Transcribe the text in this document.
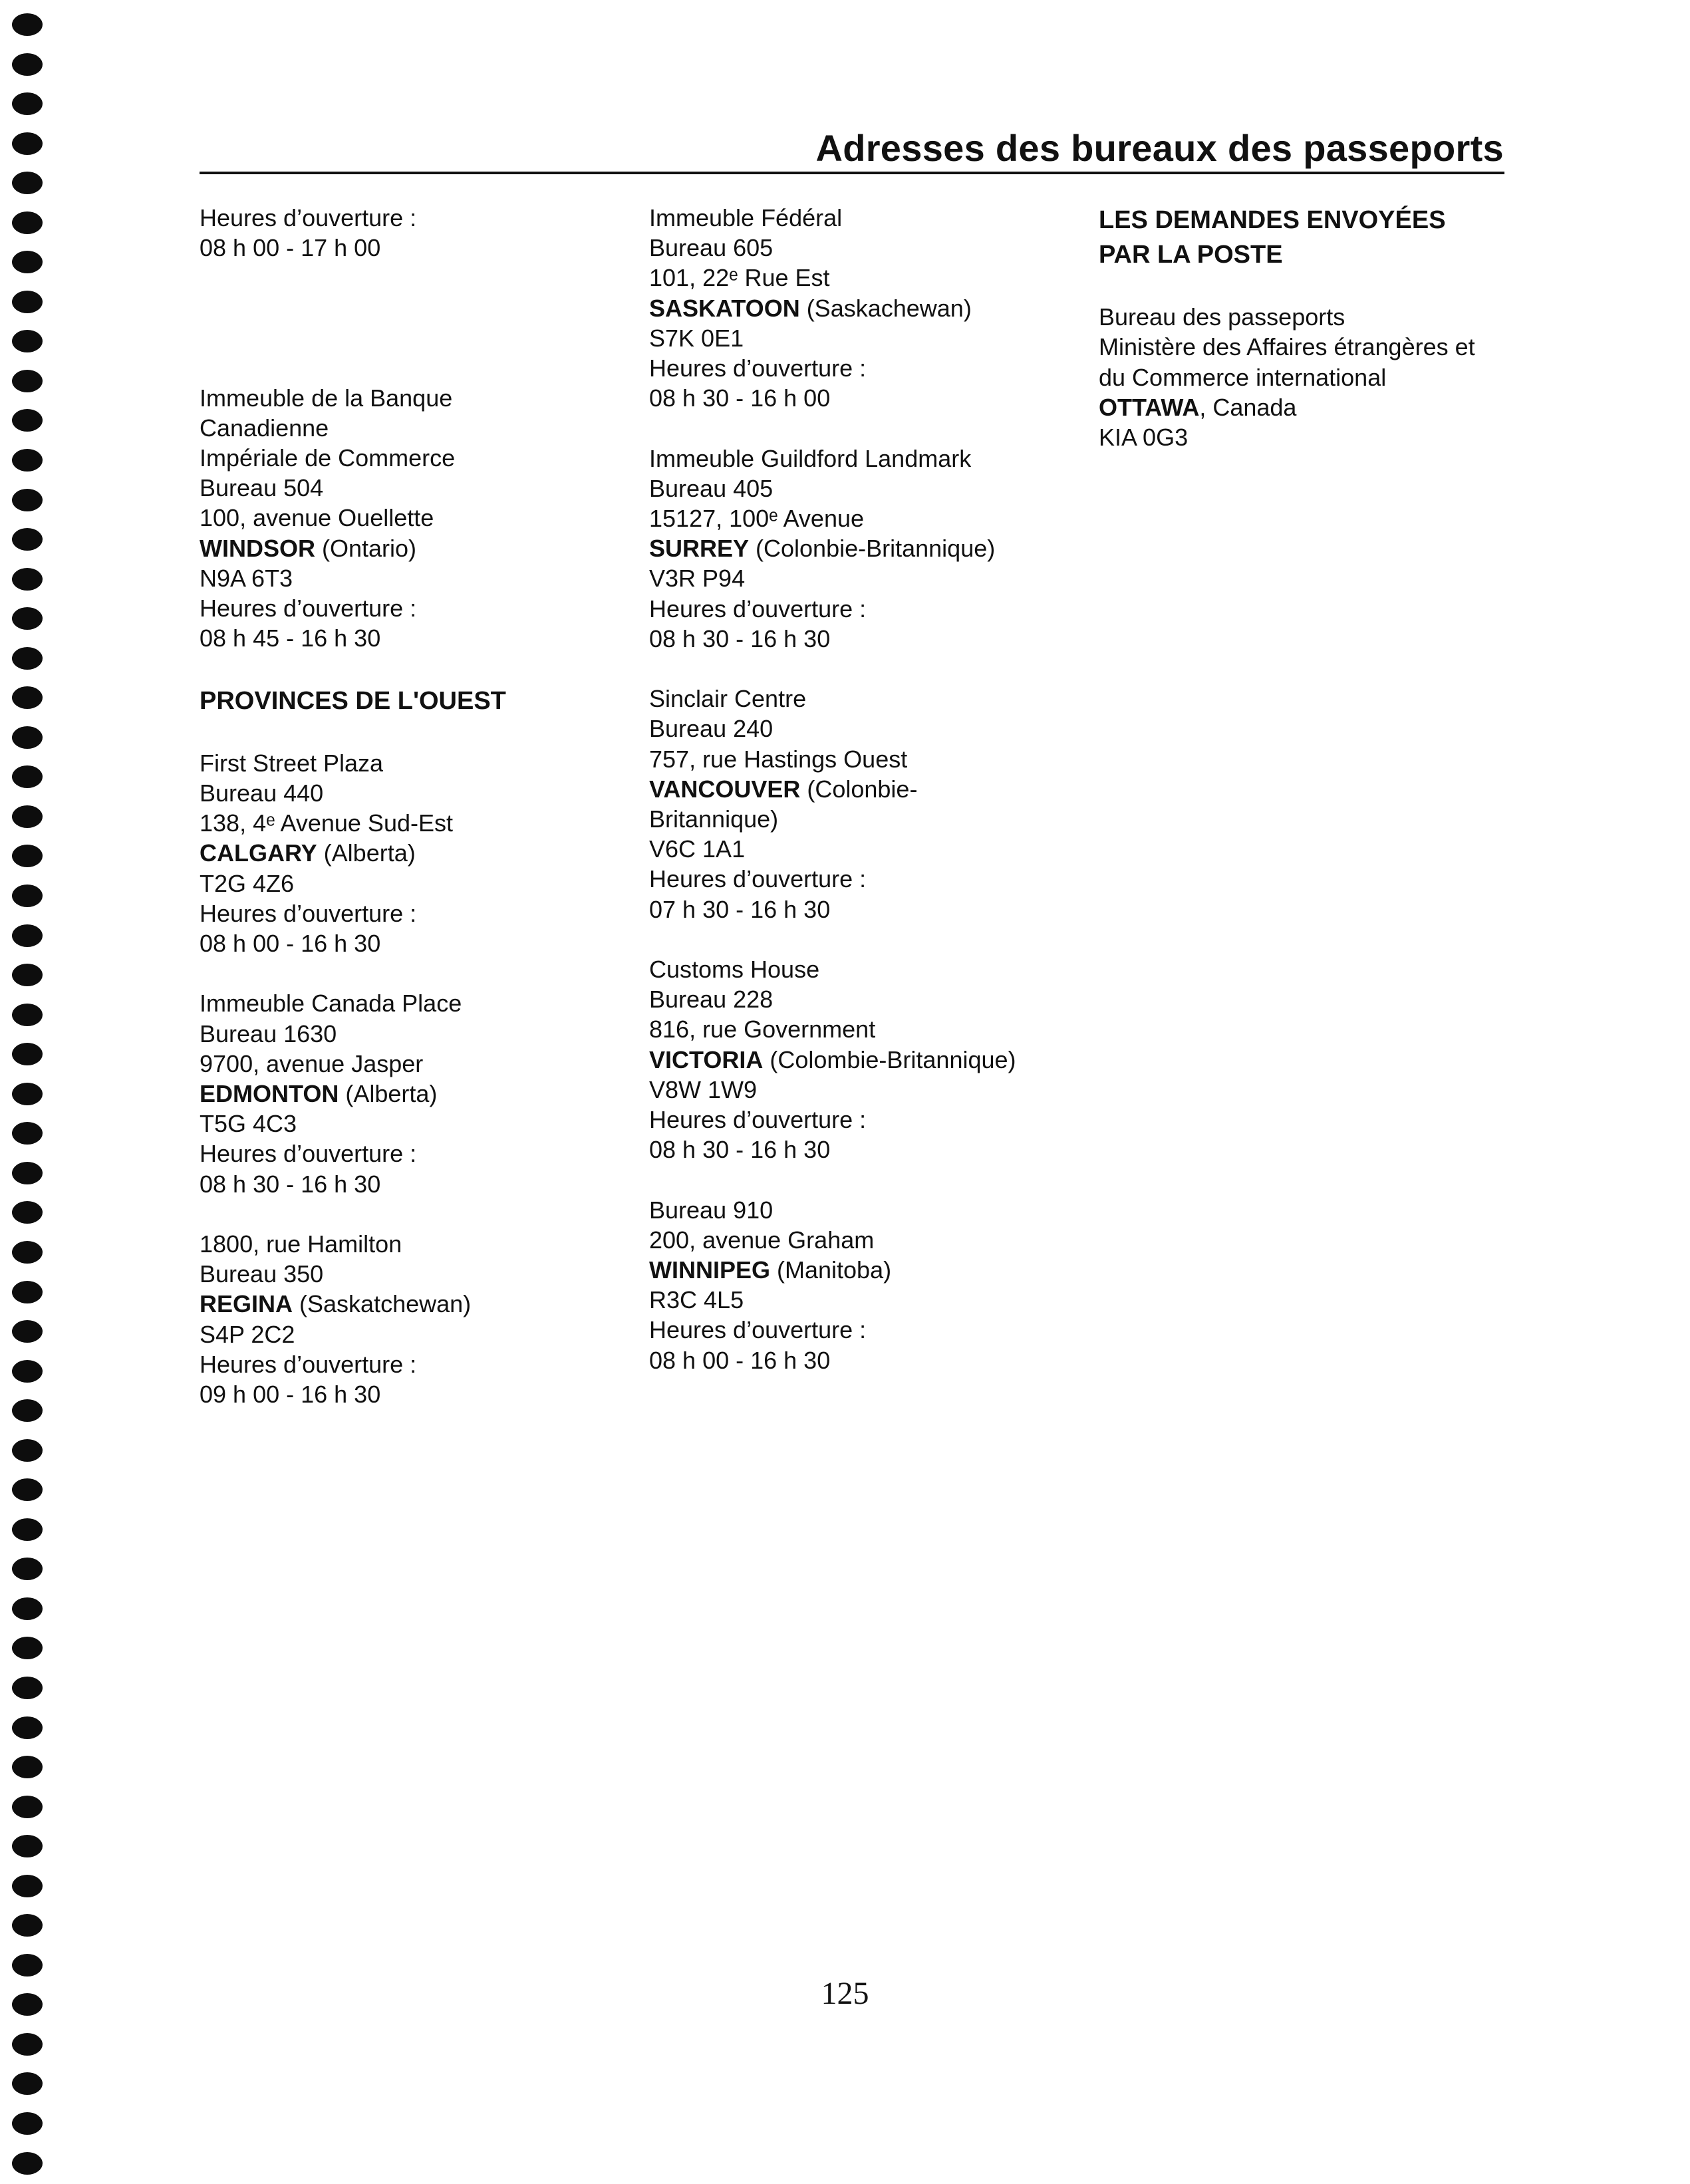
Adresses des bureaux des passeports
Heures d’ouverture :
08 h 00 - 17 h 00
Immeuble de la Banque
Canadienne
Impériale de Commerce
Bureau 504
100, avenue Ouellette
WINDSOR (Ontario)
N9A 6T3
Heures d’ouverture :
08 h 45 - 16 h 30
PROVINCES DE L'OUEST
First Street Plaza
Bureau 440
138, 4ᵉ Avenue Sud-Est
CALGARY (Alberta)
T2G 4Z6
Heures d’ouverture :
08 h 00 - 16 h 30
Immeuble Canada Place
Bureau 1630
9700, avenue Jasper
EDMONTON (Alberta)
T5G 4C3
Heures d’ouverture :
08 h 30 - 16 h 30
1800, rue Hamilton
Bureau 350
REGINA (Saskatchewan)
S4P 2C2
Heures d’ouverture :
09 h 00 - 16 h 30
Immeuble Fédéral
Bureau 605
101, 22ᵉ Rue Est
SASKATOON (Saskachewan)
S7K 0E1
Heures d’ouverture :
08 h 30 - 16 h 00
Immeuble Guildford Landmark
Bureau 405
15127, 100ᵉ Avenue
SURREY (Colonbie-Britannique)
V3R P94
Heures d’ouverture :
08 h 30 - 16 h 30
Sinclair Centre
Bureau 240
757, rue Hastings Ouest
VANCOUVER (Colonbie-
Britannique)
V6C 1A1
Heures d’ouverture :
07 h 30 - 16 h 30
Customs House
Bureau 228
816, rue Government
VICTORIA (Colombie-Britannique)
V8W 1W9
Heures d’ouverture :
08 h 30 - 16 h 30
Bureau 910
200, avenue Graham
WINNIPEG (Manitoba)
R3C 4L5
Heures d’ouverture :
08 h 00 - 16 h 30
LES DEMANDES ENVOYÉES
PAR LA POSTE
Bureau des passeports
Ministère des Affaires étrangères et
du Commerce international
OTTAWA, Canada
KIA 0G3
125
